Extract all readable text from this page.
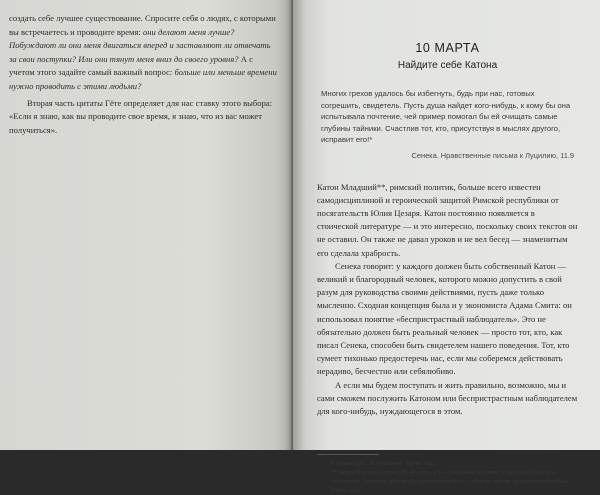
создать себе лучшее существование. Спросите себя о людях, с которыми вы встречаетесь и проводите время: они делают меня лучше? Побуждают ли они меня двигаться вперед и заставляют ли отвечать за свои поступки? Или они тянут меня вниз до своего уровня? А с учетом этого задайте самый важный вопрос: больше или меньше времени нужно проводить с этими людьми?

Вторая часть цитаты Гёте определяет для нас ставку этого выбора: «Если я знаю, как вы проводите свое время, я знаю, что из вас может получиться».

10 МАРТА
Найдите себе Катона

Многих грехов удалось бы избегнуть, будь при нас, готовых согрешить, свидетель. Пусть душа найдет кого-нибудь, к кому бы она испытывала почтение, чей пример помогал бы ей очищать самые глубины тайники. Счастлив тот, кто, присутствуя в мыслях другого, исправит его!*

Сенека. Нравственные письма к Луцилию, 11.9

Катон Младший**, римский политик, больше всего известен самодисциплиной и героической защитой Римской республики от посягательств Юлия Цезаря. Катон постоянно появляется в стоической литературе — и это интересно, поскольку своих текстов он не оставил. Он также не давал уроков и не вел бесед — знаменитым его сделала храбрость.

Сенека говорит: у каждого должен быть собственный Катон — великий и благородный человек, которого можно допустить в свой разум для руководства своими действиями, пусть даже только мысленно. Сходная концепция была и у экономиста Адама Смита: он использовал понятие «беспристрастный наблюдатель». Это не обязательно должен быть реальный человек — просто тот, кто, как писал Сенека, способен быть свидетелем нашего поведения. Тот, кто сумеет тихонько предостеречь нас, если мы соберемся действовать нерадиво, бесчестно или себялюбиво.

А если мы будем поступать и жить правильно, возможно, мы и сами сможем послужить Катоном или беспристрастным наблюдателем для кого-нибудь, нуждающегося в этом.

* Перевод С. А. Ошерова. Прим. пер.

** Марк Порций Катон (95–46 до н. э.) — римский политик; считался образцом честности. Боролся против Цезаря и покончил с собой во время гражданской войны. Прим. пер.
